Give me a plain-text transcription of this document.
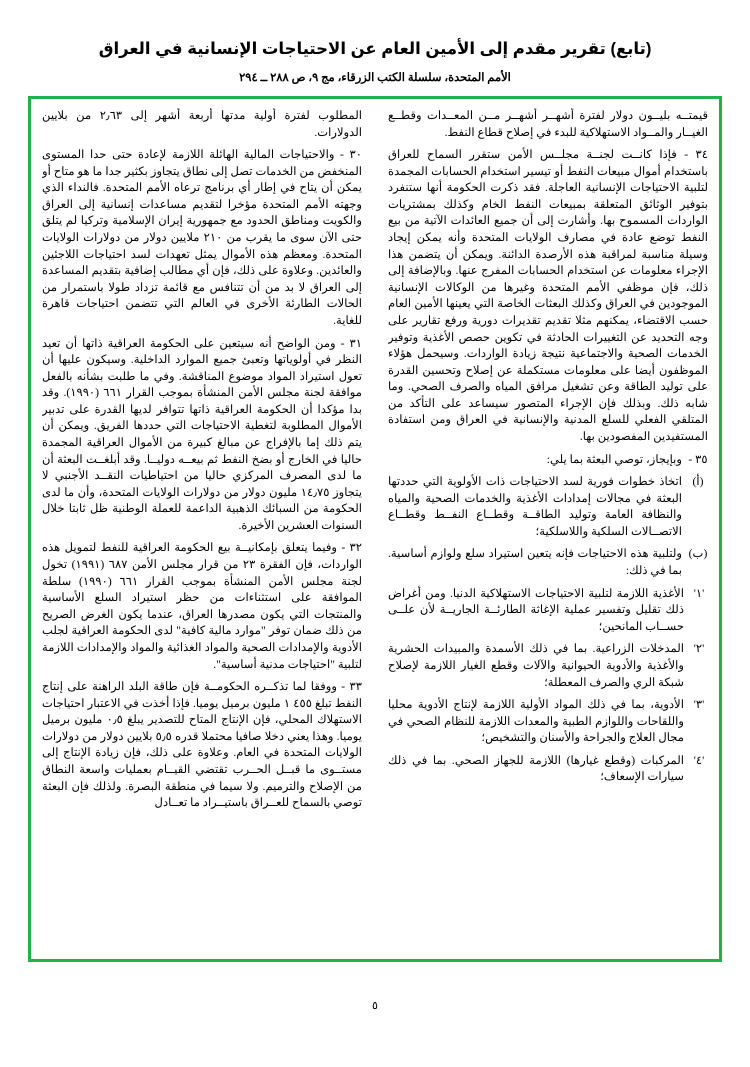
(تابع) تقرير مقدم إلى الأمين العام عن الاحتياجات الإنسانية في العراق
الأمم المتحدة، سلسلة الكتب الزرقاء، مج ٩، ص ٢٨٨ ــ ٢٩٤

قيمتــه بليــون دولار لفترة أشهــر أشهــر مــن المعــدات وقطــع الغيــار والمــواد الاستهلاكية للبدء في إصلاح قطاع النفط.

٣٤ - فإذا كانــت لجنــة مجلــس الأمن ستقرر السماح للعراق باستخدام أموال مبيعات النفط أو تيسير استخدام الحسابات المجمدة لتلبية الاحتياجات الإنسانية العاجلة. فقد ذكرت الحكومة أنها ستنفرد بتوفير الوثائق المتعلقة بمبيعات النفط الخام وكذلك بمشتريات الواردات المسموح بها. وأشارت إلى أن جميع العائدات الآتية من بيع النفط توضع عادة في مصارف الولايات المتحدة وأنه يمكن إيجاد وسيلة مناسبة لمراقبة هذه الأرصدة الدائنة. ويمكن أن يتضمن هذا الإجراء معلومات عن استخدام الحسابات المفرج عنها. وبالإضافة إلى ذلك، فإن موظفي الأمم المتحدة وغيرها من الوكالات الإنسانية الموجودين في العراق وكذلك البعثات الخاصة التي يعينها الأمين العام حسب الاقتضاء، يمكنهم مثلا تقديم تقديرات دورية ورفع تقارير على وجه التحديد عن التغييرات الحادثة في تكوين حصص الأغذية وتوفير الخدمات الصحية والاجتماعية نتيجة زيادة الواردات. وسيحمل هؤلاء الموظفون أيضا على معلومات مستكملة عن إصلاح وتحسين القدرة على توليد الطاقة وعن تشغيل مرافق المياه والصرف الصحي. وما شابه ذلك. وبذلك فإن الإجراء المتصور سيساعد على التأكد من المتلقي الفعلي للسلع المدنية والإنسانية في العراق ومن استفادة المستفيدين المفصودين بها.

٣٥ -
وبإيجاز، توصي البعثة بما يلي:
(أ)
اتخاذ خطوات فورية لسد الاحتياجات ذات الأولوية التي حددتها البعثة في مجالات إمدادات الأغذية والخدمات الصحية والمياه والنظافة العامة وتوليد الطاقــة وقطــاع النفــط وقطــاع الاتصــالات السلكية واللاسلكية؛
(ب)
ولتلبية هذه الاحتياجات فإنه يتعين استيراد سلع ولوازم أساسية. بما في ذلك:
'١'
الأغذية اللازمة لتلبية الاحتياجات الاستهلاكية الدنيا. ومن أغراض ذلك تقليل وتفسير عملية الإغاثة الطارئــة الجاريــة لأن علــى حســاب المانحين؛
'٢'
المدخلات الزراعية. بما في ذلك الأسمدة والمبيدات الحشرية والأغذية والأدوية الحيوانية والآلات وقطع الغيار اللازمة لإصلاح شبكة الري والصرف المعطلة؛
'٣'
الأدوية، بما في ذلك المواد الأولية اللازمة لإنتاج الأدوية محليا واللقاحات واللوازم الطبية والمعدات اللازمة للنظام الصحي في مجال العلاج والجراحة والأسنان والتشخيص؛
'٤'
المركبات (وقطع غيارها) اللازمة للجهاز الصحي. بما في ذلك سيارات الإسعاف؛

المطلوب لفترة أولية مدتها أربعة أشهر إلى ٢٫٦٣ من بلايين الدولارات.

٣٠ - والاحتياجات المالية الهائلة اللازمة لإعادة حتى حدا المستوى المنخفض من الخدمات تصل إلى نطاق يتجاوز بكثير جدا ما هو متاح أو يمكن أن يتاح في إطار أي برنامج ترعاه الأمم المتحدة. فالنداء الذي وجهته الأمم المتحدة مؤخرا لتقديم مساعدات إنسانية إلى العراق والكويت ومناطق الحدود مع جمهورية إيران الإسلامية وتركيا لم يتلق حتى الآن سوى ما يقرب من ٢١٠ ملايين دولار من دولارات الولايات المتحدة. ومعظم هذه الأموال يمثل تعهدات لسد احتياجات اللاجئين والعائدين. وعلاوة على ذلك، فإن أي مطالب إضافية بتقديم المساعدة إلى العراق لا بد من أن تتنافس مع قائمة تزداد طولا باستمرار من الحالات الطارئة الأخرى في العالم التي تتضمن احتياجات قاهرة للغاية.

٣١ - ومن الواضح أنه سيتعين على الحكومة العراقية ذاتها أن تعيد النظر في أولوياتها وتعبئ جميع الموارد الداخلية. وسيكون عليها أن تعول استيراد المواد موضوع المناقشة. وفي ما طلبت بشأنه بالفعل موافقة لجنة مجلس الأمن المنشأة بموجب القرار ٦٦١ (١٩٩٠). وقد بدا مؤكدا أن الحكومة العراقية ذاتها تتوافر لديها القدرة على تدبير الأموال المطلوبة لتغطية الاحتياجات التي حددها الفريق. ويمكن أن يتم ذلك إما بالإفراج عن مبالغ كبيرة من الأموال العراقية المجمدة حاليا في الخارج أو بضخ النفط ثم بيعــه دوليــا. وقد أبلغــت البعثة أن ما لدى المصرف المركزي حاليا من احتياطيات النقــد الأجنبي لا يتجاوز ١٤٫٧٥ مليون دولار من دولارات الولايات المتحدة، وأن ما لدى الحكومة من السبائك الذهبية الداعمة للعملة الوطنية ظل ثابتا خلال السنوات العشرين الأخيرة.

٣٢ - وفيما يتعلق بإمكانيــة بيع الحكومة العراقية للنفط لتمويل هذه الواردات، فإن الفقرة ٢٣ من قرار مجلس الأمن ٦٨٧ (١٩٩١) تخول لجنة مجلس الأمن المنشأة بموجب القرار ٦٦١ (١٩٩٠) سلطة الموافقة على استثناءات من حظر استيراد السلع الأساسية والمنتجات التي يكون مصدرها العراق، عندما يكون الغرض الصريح من ذلك ضمان توفر "موارد مالية كافية" لدى الحكومة العراقية لجلب الأدوية والإمدادات الصحية والمواد الغذائية والمواد والإمدادات اللازمة لتلبية "احتياجات مدنية أساسية".

٣٣ - ووفقا لما تذكــره الحكومــة فإن طاقة البلد الراهنة على إنتاج النفط تبلغ ٤٥٥ ١ مليون برميل يوميا. فإذا أخذت في الاعتبار احتياجات الاستهلاك المحلي، فإن الإنتاج المتاح للتصدير يبلغ ٠٫٥ مليون برميل يوميا. وهذا يعني دخلا صافيا محتملا قدره ٥٫٥ بلايين دولار من دولارات الولايات المتحدة في العام. وعلاوة على ذلك، فإن زيادة الإنتاج إلى مستــوى ما قبــل الحــرب تقتضي القيــام بعمليات واسعة النطاق من الإصلاح والترميم. ولا سيما في منطقة البصرة. ولذلك فإن البعثة توصي بالسماح للعــراق باستيــراد ما تعــادل

٥
